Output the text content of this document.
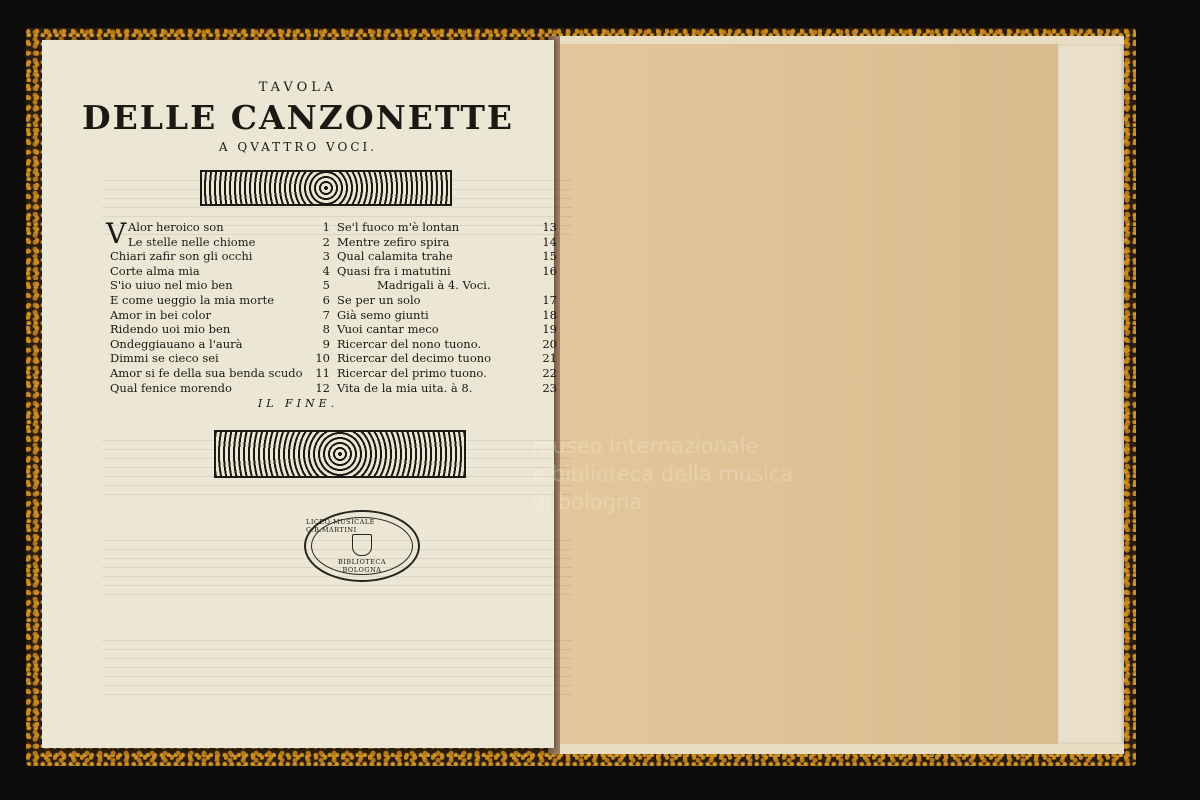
TAVOLA
DELLE CANZONETTE
A QVATTRO VOCI.
V Alor heroico son	1
Le stelle nelle chiome	2
Chiari zafir son gli occhi	3
Corte alma mia	4
S'io uiuo nel mio ben	5
E come ueggio la mia morte	6
Amor in bei color	7
Ridendo uoi mio ben	8
Ondeggiauano a l'aurà	9
Dimmi se cieco sei	10
Amor si fe della sua benda scudo	11
Qual fenice morendo	12
Se'l fuoco m'è lontan	13
Mentre zefiro spira	14
Qual calamita trahe	15
Quasi fra i matutini	16
Madrigali à 4. Voci.
Se per un solo	17
Già semo giunti	18
Vuoi cantar meco	19
Ricercar del nono tuono.	20
Ricercar del decimo tuono	21
Ricercar del primo tuono.	22
Vita de la mia uita. à 8.	23
IL FINE.
LICEO MUSICALE G.B.MARTINI
BIBLIOTECA
BOLOGNA
museo internazionale
e biblioteca della musica
di bologna
